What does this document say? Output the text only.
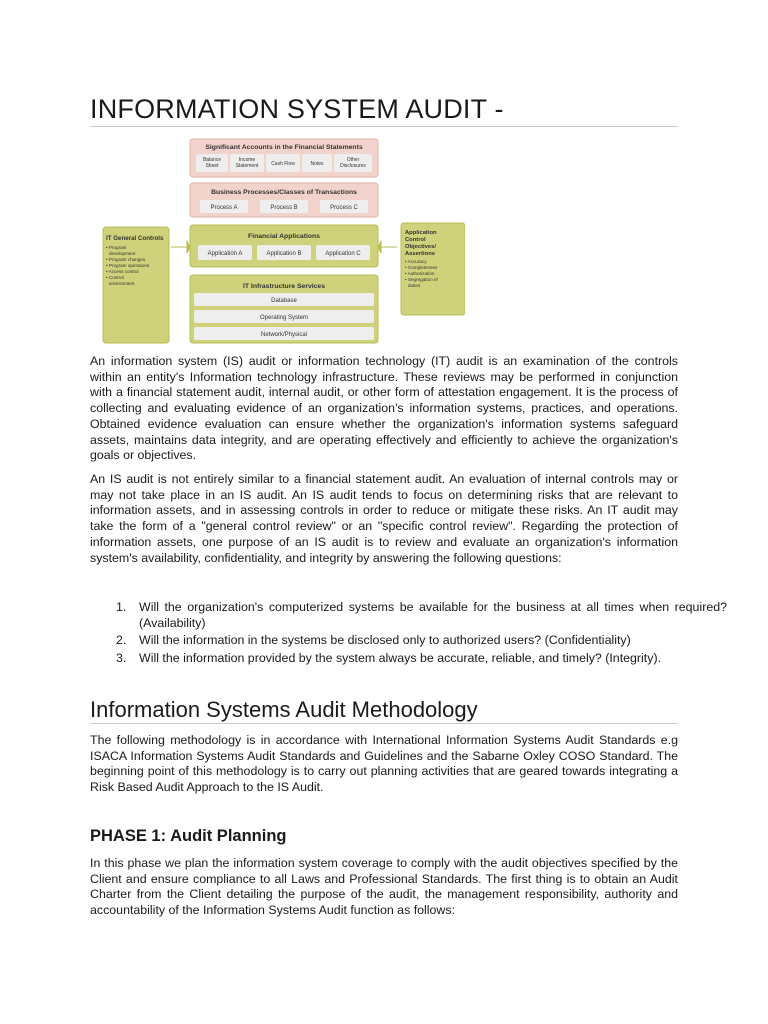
INFORMATION SYSTEM AUDIT -
Significant Accounts in the Financial Statements
Balance
Sheet
Income
Statement	Cash Flow	Notes
Other
Disclosures
Business Processes/Classes of Transactions
Process A	Process B	Process C
Financial Applications
Application A	Application B	Application C
IT Infrastructure Services
Database
Operating System
Network/Physical
IT General Controls
• Program
development
• Program changes
• Program operations
• Access control
• Control
environment
Application
Control
Objectives/
Assertions
• Accuracy
• Completeness
• Authorization
• Segregation of
duties

An information system (IS) audit or information technology (IT) audit is an examination of the controls within an entity's Information technology infrastructure. These reviews may be performed in conjunction with a financial statement audit, internal audit, or other form of attestation engagement. It is the process of collecting and evaluating evidence of an organization's information systems, practices, and operations. Obtained evidence evaluation can ensure whether the organization's information systems safeguard assets, maintains data integrity, and are operating effectively and efficiently to achieve the organization's goals or objectives.

An IS audit is not entirely similar to a financial statement audit. An evaluation of internal controls may or may not take place in an IS audit. An IS audit tends to focus on determining risks that are relevant to information assets, and in assessing controls in order to reduce or mitigate these risks. An IT audit may take the form of a "general control review" or an "specific control review". Regarding the protection of information assets, one purpose of an IS audit is to review and evaluate an organization's information system's availability, confidentiality, and integrity by answering the following questions:

1. Will the organization's computerized systems be available for the business at all times when required? (Availability)
2. Will the information in the systems be disclosed only to authorized users? (Confidentiality)
3. Will the information provided by the system always be accurate, reliable, and timely? (Integrity).
Information Systems Audit Methodology

The following methodology is in accordance with International Information Systems Audit Standards e.g ISACA Information Systems Audit Standards and Guidelines and the Sabarne Oxley COSO Standard. The beginning point of this methodology is to carry out planning activities that are geared towards integrating a Risk Based Audit Approach to the IS Audit.

PHASE 1: Audit Planning

In this phase we plan the information system coverage to comply with the audit objectives specified by the Client and ensure compliance to all Laws and Professional Standards. The first thing is to obtain an Audit Charter from the Client detailing the purpose of the audit, the management responsibility, authority and accountability of the Information Systems Audit function as follows:
